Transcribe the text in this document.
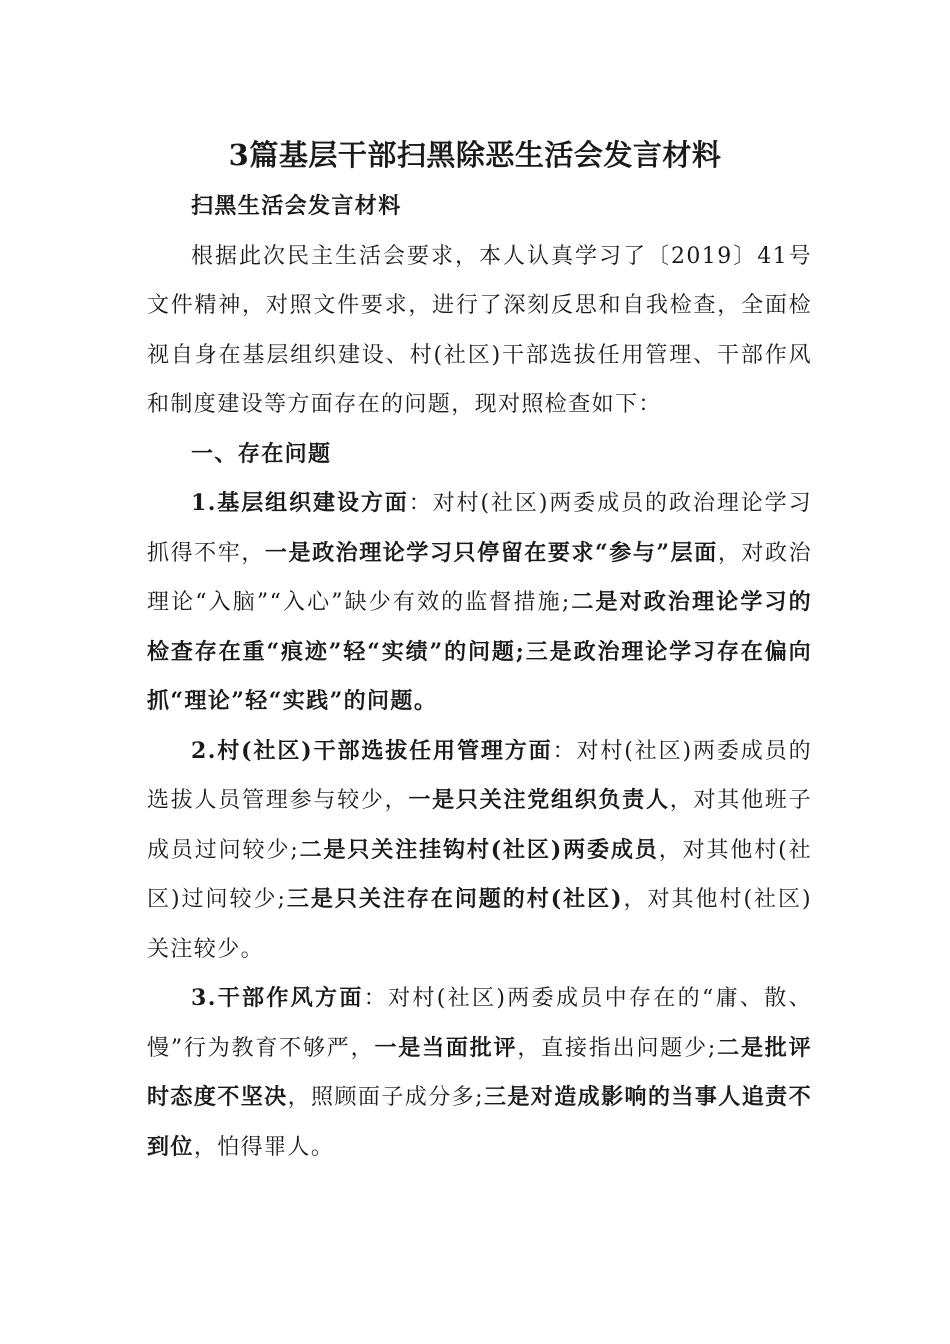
3篇基层干部扫黑除恶生活会发言材料

扫黑生活会发言材料

根据此次民主生活会要求，本人认真学习了〔2019〕41号文件精神，对照文件要求，进行了深刻反思和自我检查，全面检视自身在基层组织建设、村(社区)干部选拔任用管理、干部作风和制度建设等方面存在的问题，现对照检查如下：

一、存在问题

1.基层组织建设方面：对村(社区)两委成员的政治理论学习抓得不牢，一是政治理论学习只停留在要求“参与”层面，对政治理论“入脑”“入心”缺少有效的监督措施;二是对政治理论学习的检查存在重“痕迹”轻“实绩”的问题;三是政治理论学习存在偏向抓“理论”轻“实践”的问题。

2.村(社区)干部选拔任用管理方面：对村(社区)两委成员的选拔人员管理参与较少，一是只关注党组织负责人，对其他班子成员过问较少;二是只关注挂钩村(社区)两委成员，对其他村(社区)过问较少;三是只关注存在问题的村(社区)，对其他村(社区)关注较少。

3.干部作风方面：对村(社区)两委成员中存在的“庸、散、慢”行为教育不够严，一是当面批评，直接指出问题少;二是批评时态度不坚决，照顾面子成分多;三是对造成影响的当事人追责不到位，怕得罪人。
